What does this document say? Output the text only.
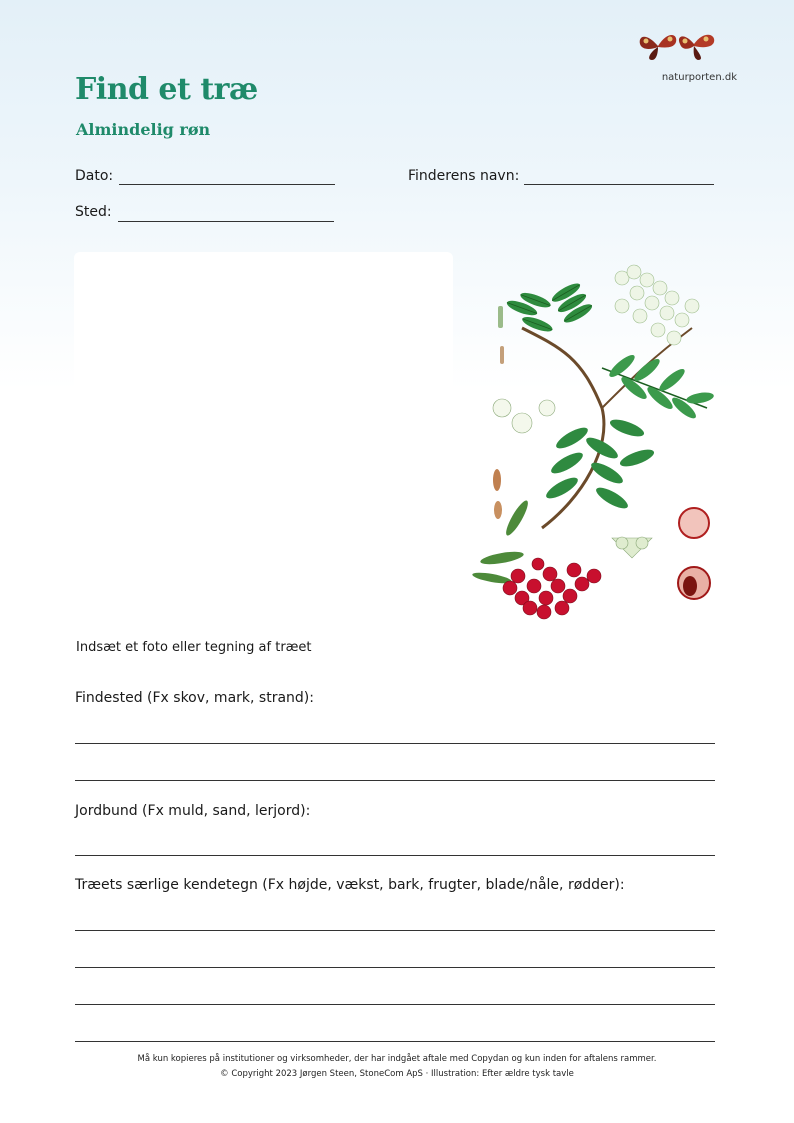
naturporten.dk
Find et træ
Almindelig røn
Dato:	Finderens navn:
Sted:
Indsæt et foto eller tegning af træet
Findested (Fx skov, mark, strand):
Jordbund (Fx muld, sand, lerjord):
Træets særlige kendetegn (Fx højde, vækst, bark, frugter, blade/nåle, rødder):
Må kun kopieres på institutioner og virksomheder, der har indgået aftale med Copydan og kun inden for aftalens rammer.
© Copyright 2023 Jørgen Steen, StoneCom ApS · Illustration: Efter ældre tysk tavle
